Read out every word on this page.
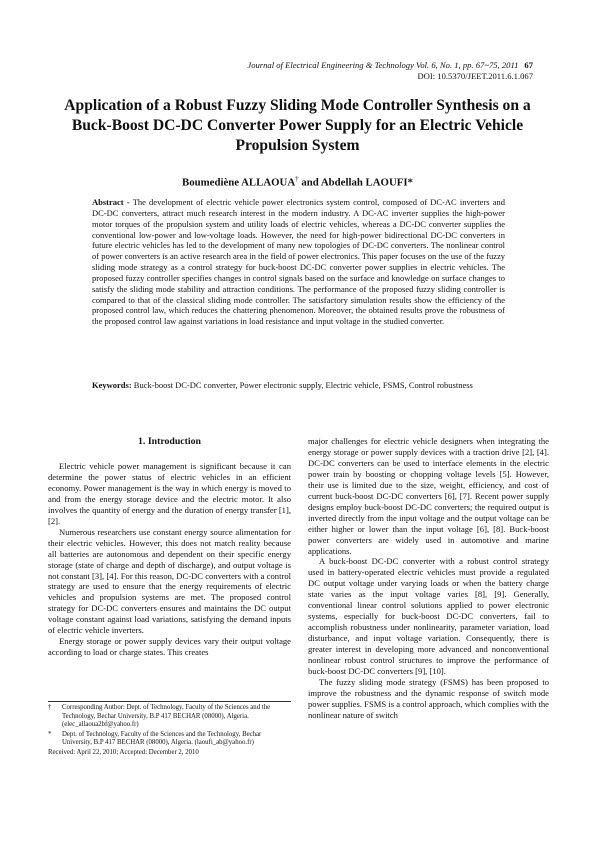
Journal of Electrical Engineering & Technology Vol. 6, No. 1, pp. 67~75, 2011 67
DOI: 10.5370/JEET.2011.6.1.067
Application of a Robust Fuzzy Sliding Mode Controller Synthesis on a Buck-Boost DC-DC Converter Power Supply for an Electric Vehicle Propulsion System
Boumediène ALLAOUA† and Abdellah LAOUFI*
Abstract - The development of electric vehicle power electronics system control, composed of DC-AC inverters and DC-DC converters, attract much research interest in the modern industry. A DC-AC inverter supplies the high-power motor torques of the propulsion system and utility loads of electric vehicles, whereas a DC-DC converter supplies the conventional low-power and low-voltage loads. However, the need for high-power bidirectional DC-DC converters in future electric vehicles has led to the development of many new topologies of DC-DC converters. The nonlinear control of power converters is an active research area in the field of power electronics. This paper focuses on the use of the fuzzy sliding mode strategy as a control strategy for buck-boost DC-DC converter power supplies in electric vehicles. The proposed fuzzy controller specifies changes in control signals based on the surface and knowledge on surface changes to satisfy the sliding mode stability and attraction conditions. The performance of the proposed fuzzy sliding controller is compared to that of the classical sliding mode controller. The satisfactory simulation results show the efficiency of the proposed control law, which reduces the chattering phenomenon. Moreover, the obtained results prove the robustness of the proposed control law against variations in load resistance and input voltage in the studied converter.
Keywords: Buck-boost DC-DC converter, Power electronic supply, Electric vehicle, FSMS, Control robustness

1. Introduction

Electric vehicle power management is significant because it can determine the power status of electric vehicles in an efficient economy. Power management is the way in which energy is moved to and from the energy storage device and the electric motor. It also involves the quantity of energy and the duration of energy transfer [1], [2].

Numerous researchers use constant energy source alimentation for their electric vehicles. However, this does not match reality because all batteries are autonomous and dependent on their specific energy storage (state of charge and depth of discharge), and output voltage is not constant [3], [4]. For this reason, DC-DC converters with a control strategy are used to ensure that the energy requirements of electric vehicles and propulsion systems are met. The proposed control strategy for DC-DC converters ensures and maintains the DC output voltage constant against load variations, satisfying the demand inputs of electric vehicle inverters.

Energy storage or power supply devices vary their output voltage according to load or charge states. This creates

major challenges for electric vehicle designers when integrating the energy storage or power supply devices with a traction drive [2], [4]. DC-DC converters can be used to interface elements in the electric power train by boosting or chopping voltage levels [5]. However, their use is limited due to the size, weight, efficiency, and cost of current buck-boost DC-DC converters [6], [7]. Recent power supply designs employ buck-boost DC-DC converters; the required output is inverted directly from the input voltage and the output voltage can be either higher or lower than the input voltage [6], [8]. Buck-boost power converters are widely used in automotive and marine applications.

A buck-boost DC-DC converter with a robust control strategy used in battery-operated electric vehicles must provide a regulated DC output voltage under varying loads or when the battery charge state varies as the input voltage varies [8], [9]. Generally, conventional linear control solutions applied to power electronic systems, especially for buck-boost DC-DC converters, fail to accomplish robustness under nonlinearity, parameter variation, load disturbance, and input voltage variation. Consequently, there is greater interest in developing more advanced and nonconventional nonlinear robust control structures to improve the performance of buck-boost DC-DC converters [9], [10].

The fuzzy sliding mode strategy (FSMS) has been proposed to improve the robustness and the dynamic response of switch mode power supplies. FSMS is a control approach, which complies with the nonlinear nature of switch

†	Corresponding Author: Dept. of Technology, Faculty of the Sciences and the Technology, Bechar University, B.P 417 BECHAR (08000), Algeria. (elec_allaoua2bf@yahoo.fr)
*	Dept. of Technology, Faculty of the Sciences and the Technology, Bechar University, B.P 417 BECHAR (08000), Algeria. (laoufi_ab@yahoo.fr)
Received: April 22, 2010; Accepted: December 2, 2010
